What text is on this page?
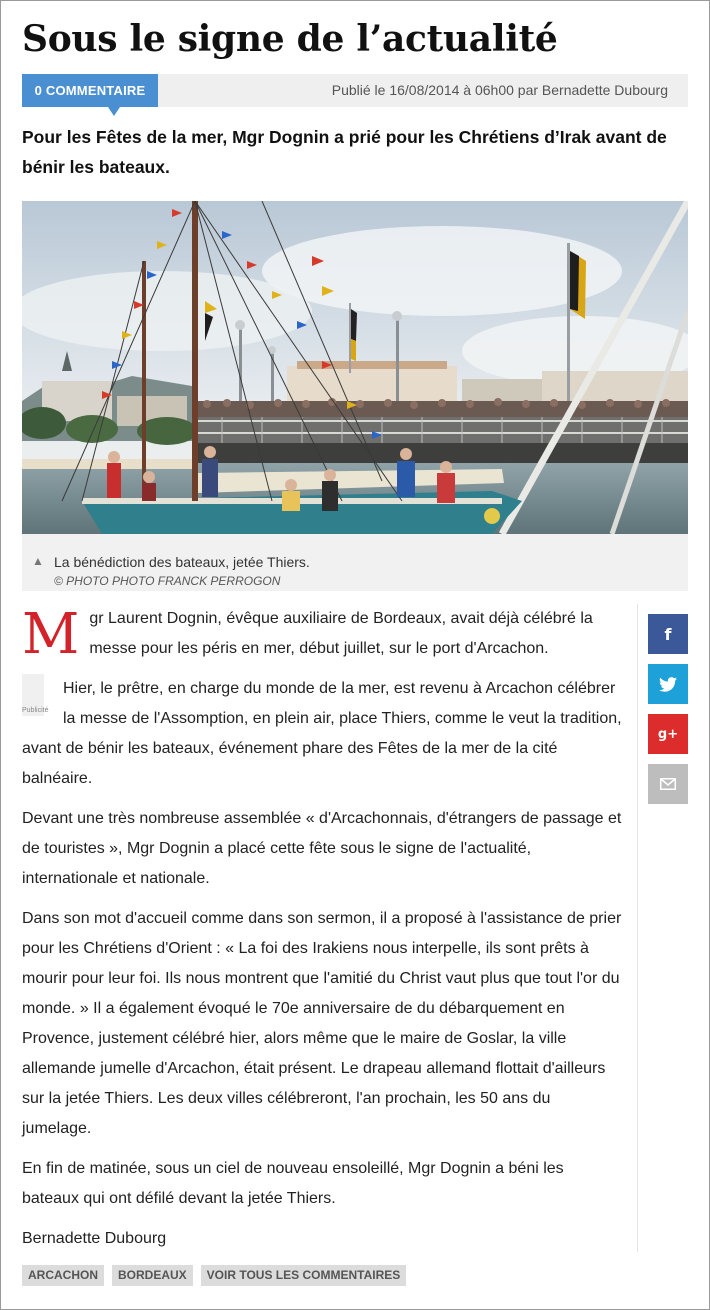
Sous le signe de l’actualité
0 COMMENTAIRE	Publié le 16/08/2014 à 06h00 par Bernadette Dubourg

Pour les Fêtes de la mer, Mgr Dognin a prié pour les Chrétiens d’Irak avant de bénir les bateaux.

▲ La bénédiction des bateaux, jetée Thiers.
© PHOTO PHOTO FRANCK PERROGON

Mgr Laurent Dognin, évêque auxiliaire de Bordeaux, avait déjà célébré la messe pour les péris en mer, début juillet, sur le port d'Arcachon.

Publicité
Hier, le prêtre, en charge du monde de la mer, est revenu à Arcachon célébrer la messe de l'Assomption, en plein air, place Thiers, comme le veut la tradition, avant de bénir les bateaux, événement phare des Fêtes de la mer de la cité balnéaire.

Devant une très nombreuse assemblée « d'Arcachonnais, d'étrangers de passage et de touristes », Mgr Dognin a placé cette fête sous le signe de l'actualité, internationale et nationale.

Dans son mot d'accueil comme dans son sermon, il a proposé à l'assistance de prier pour les Chrétiens d'Orient : « La foi des Irakiens nous interpelle, ils sont prêts à mourir pour leur foi. Ils nous montrent que l'amitié du Christ vaut plus que tout l'or du monde. » Il a également évoqué le 70e anniversaire de du débarquement en Provence, justement célébré hier, alors même que le maire de Goslar, la ville allemande jumelle d'Arcachon, était présent. Le drapeau allemand flottait d'ailleurs sur la jetée Thiers. Les deux villes célébreront, l'an prochain, les 50 ans du jumelage.

En fin de matinée, sous un ciel de nouveau ensoleillé, Mgr Dognin a béni les bateaux qui ont défilé devant la jetée Thiers.

Bernadette Dubourg

f
g+
ARCACHON	BORDEAUX	VOIR TOUS LES COMMENTAIRES
